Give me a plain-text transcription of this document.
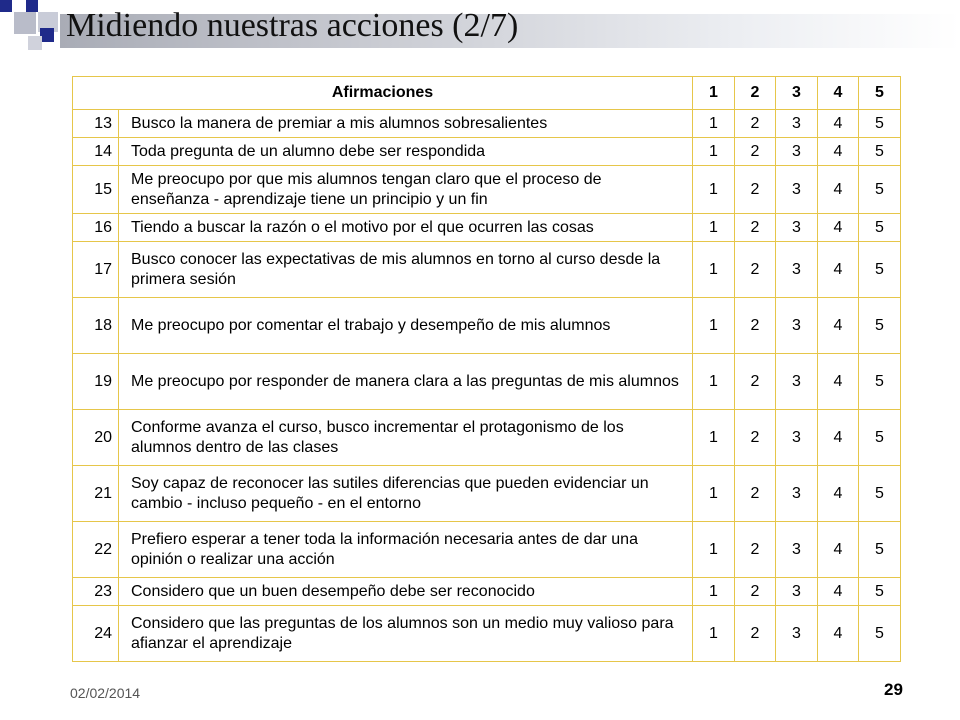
Midiendo nuestras acciones (2/7)
Afirmaciones		1	2	3	4	5
13	Busco la manera de premiar a mis alumnos sobresalientes	1	2	3	4	5
14	Toda pregunta de un alumno debe ser respondida	1	2	3	4	5
15	Me preocupo por que mis alumnos tengan claro que el proceso de enseñanza - aprendizaje tiene un principio y un fin	1	2	3	4	5
16	Tiendo a buscar la razón o el motivo por el que ocurren las cosas	1	2	3	4	5
17	Busco conocer las expectativas de mis alumnos en torno al curso desde la primera sesión	1	2	3	4	5
18	Me preocupo por comentar el trabajo y desempeño de mis alumnos	1	2	3	4	5
19	Me preocupo por responder de manera clara a las preguntas de mis alumnos	1	2	3	4	5
20	Conforme avanza el curso, busco incrementar el protagonismo de los alumnos dentro de las clases	1	2	3	4	5
21	Soy capaz de reconocer las sutiles diferencias que pueden evidenciar un cambio - incluso pequeño - en el entorno	1	2	3	4	5
22	Prefiero esperar a tener toda la información necesaria antes de dar una opinión o realizar una acción	1	2	3	4	5
23	Considero que un buen desempeño debe ser reconocido	1	2	3	4	5
24	Considero que las preguntas de los alumnos son un medio muy valioso para afianzar el aprendizaje	1	2	3	4	5
02/02/2014	29
